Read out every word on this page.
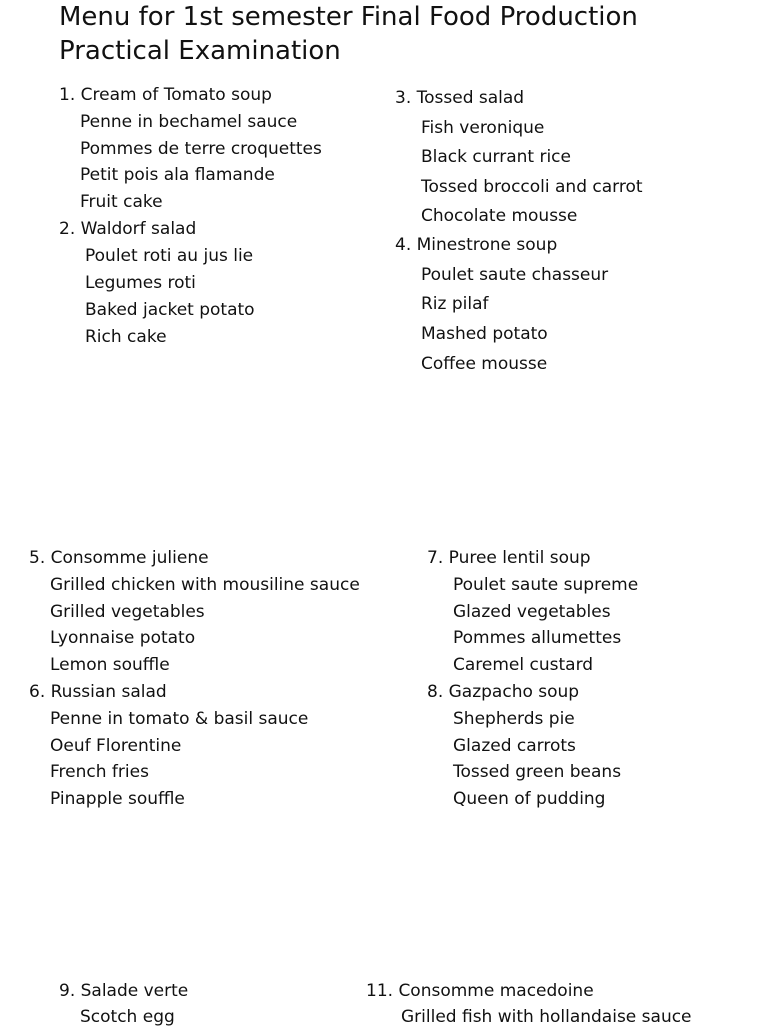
Menu for 1st semester Final Food Production Practical Examination
1. Cream of Tomato soup
Penne in bechamel sauce
Pommes de terre croquettes
Petit pois ala flamande
Fruit cake
2. Waldorf salad
Poulet roti au jus lie
Legumes roti
Baked jacket potato
Rich cake
3. Tossed salad
Fish veronique
Black currant rice
Tossed broccoli and carrot
Chocolate mousse
4. Minestrone soup
Poulet saute chasseur
Riz pilaf
Mashed potato
Coffee mousse
5. Consomme juliene
Grilled chicken with mousiline sauce
Grilled vegetables
Lyonnaise potato
Lemon souffle
6. Russian salad
Penne in tomato & basil sauce
Oeuf Florentine
French fries
Pinapple souffle
7. Puree lentil soup
Poulet saute supreme
Glazed vegetables
Pommes allumettes
Caremel custard
8. Gazpacho soup
Shepherds pie
Glazed carrots
Tossed green beans
Queen of pudding
9. Salade verte
Scotch egg
11. Consomme macedoine
Grilled fish with hollandaise sauce
